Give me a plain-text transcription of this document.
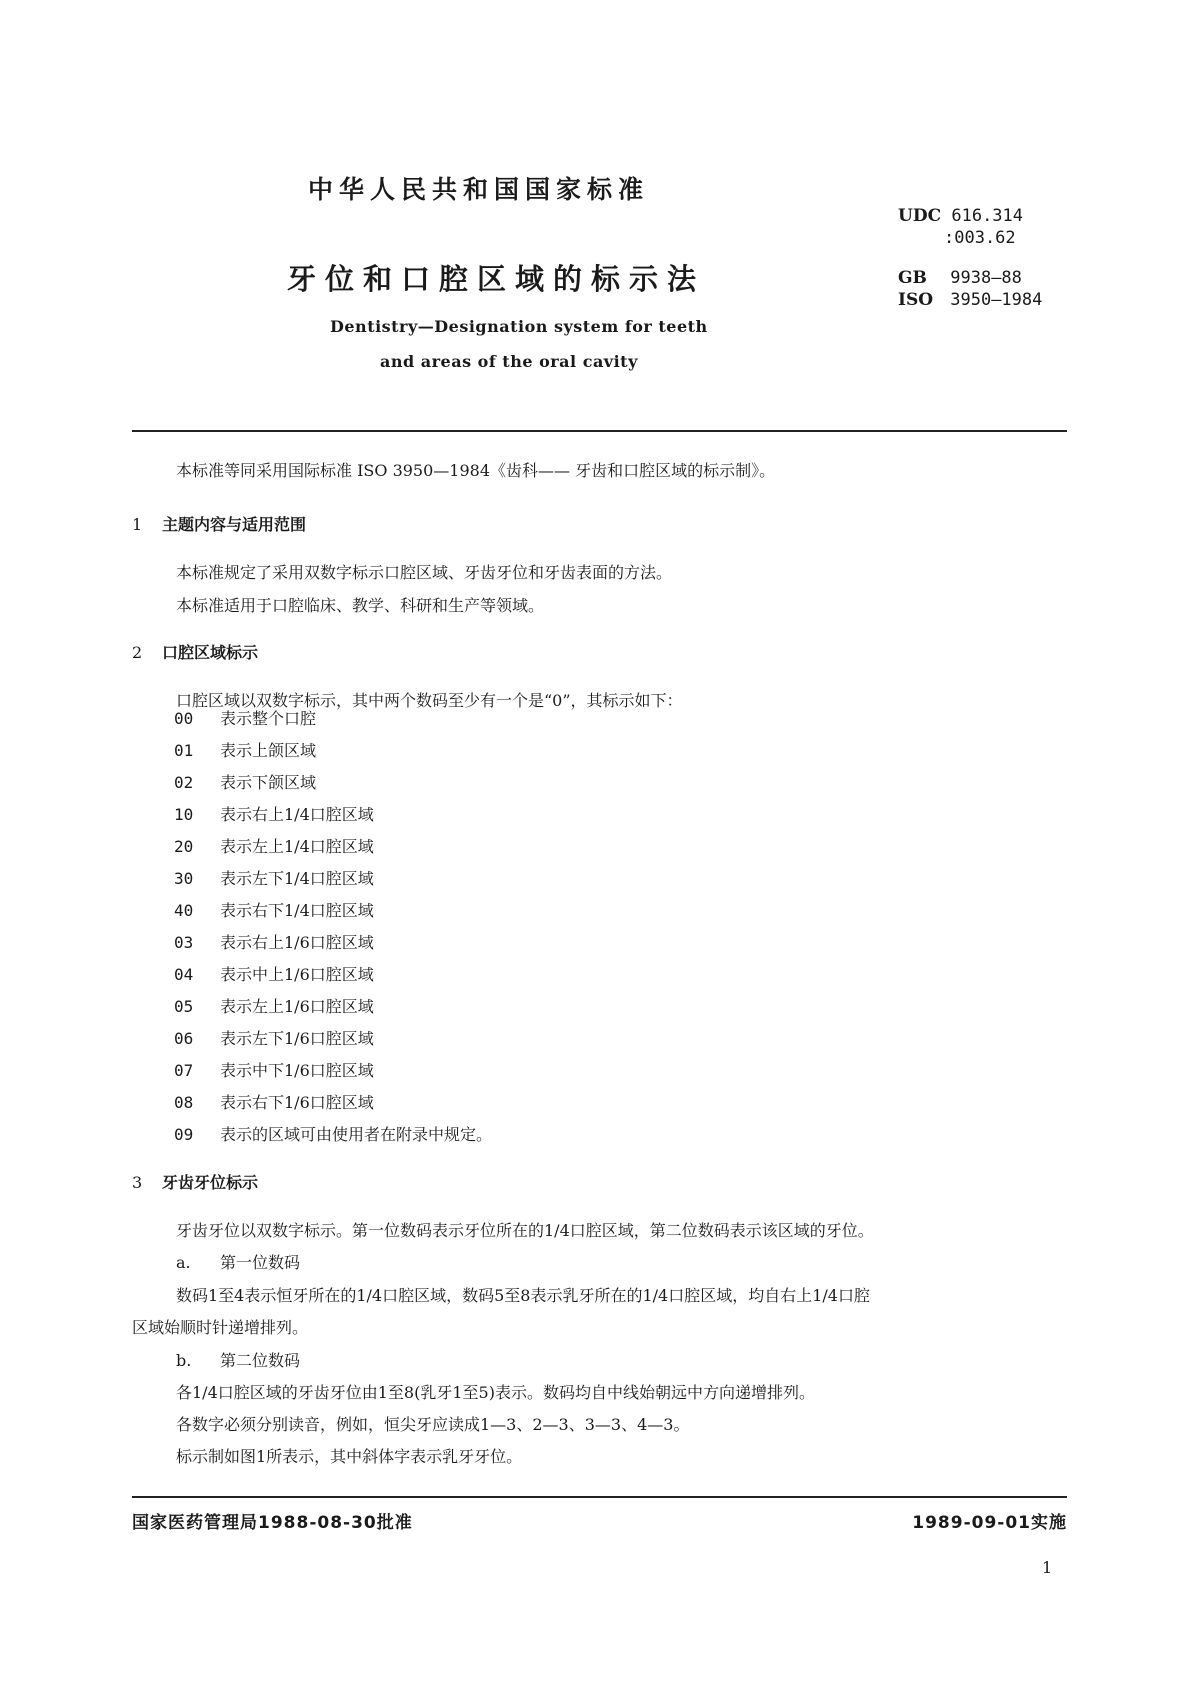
中华人民共和国国家标准
牙位和口腔区域的标示法
Dentistry—Designation system for teeth
and areas of the oral cavity
UDC 616.314
:003.62
GB 9938—88
ISO 3950—1984
本标准等同采用国际标准 ISO 3950—1984《齿科—— 牙齿和口腔区域的标示制》。
1 主题内容与适用范围
本标准规定了采用双数字标示口腔区域、牙齿牙位和牙齿表面的方法。
本标准适用于口腔临床、教学、科研和生产等领域。
2 口腔区域标示
口腔区域以双数字标示，其中两个数码至少有一个是“0”，其标示如下：
00 表示整个口腔
01 表示上颌区域
02 表示下颌区域
10 表示右上1/4口腔区域
20 表示左上1/4口腔区域
30 表示左下1/4口腔区域
40 表示右下1/4口腔区域
03 表示右上1/6口腔区域
04 表示中上1/6口腔区域
05 表示左上1/6口腔区域
06 表示左下1/6口腔区域
07 表示中下1/6口腔区域
08 表示右下1/6口腔区域
09 表示的区域可由使用者在附录中规定。
3 牙齿牙位标示
牙齿牙位以双数字标示。第一位数码表示牙位所在的1/4口腔区域，第二位数码表示该区域的牙位。
a. 第一位数码
数码1至4表示恒牙所在的1/4口腔区域，数码5至8表示乳牙所在的1/4口腔区域，均自右上1/4口腔
区域始顺时针递增排列。
b. 第二位数码
各1/4口腔区域的牙齿牙位由1至8(乳牙1至5)表示。数码均自中线始朝远中方向递增排列。
各数字必须分别读音，例如，恒尖牙应读成1—3、2—3、3—3、4—3。
标示制如图1所表示，其中斜体字表示乳牙牙位。
国家医药管理局1988-08-30批准	1989-09-01实施
1
